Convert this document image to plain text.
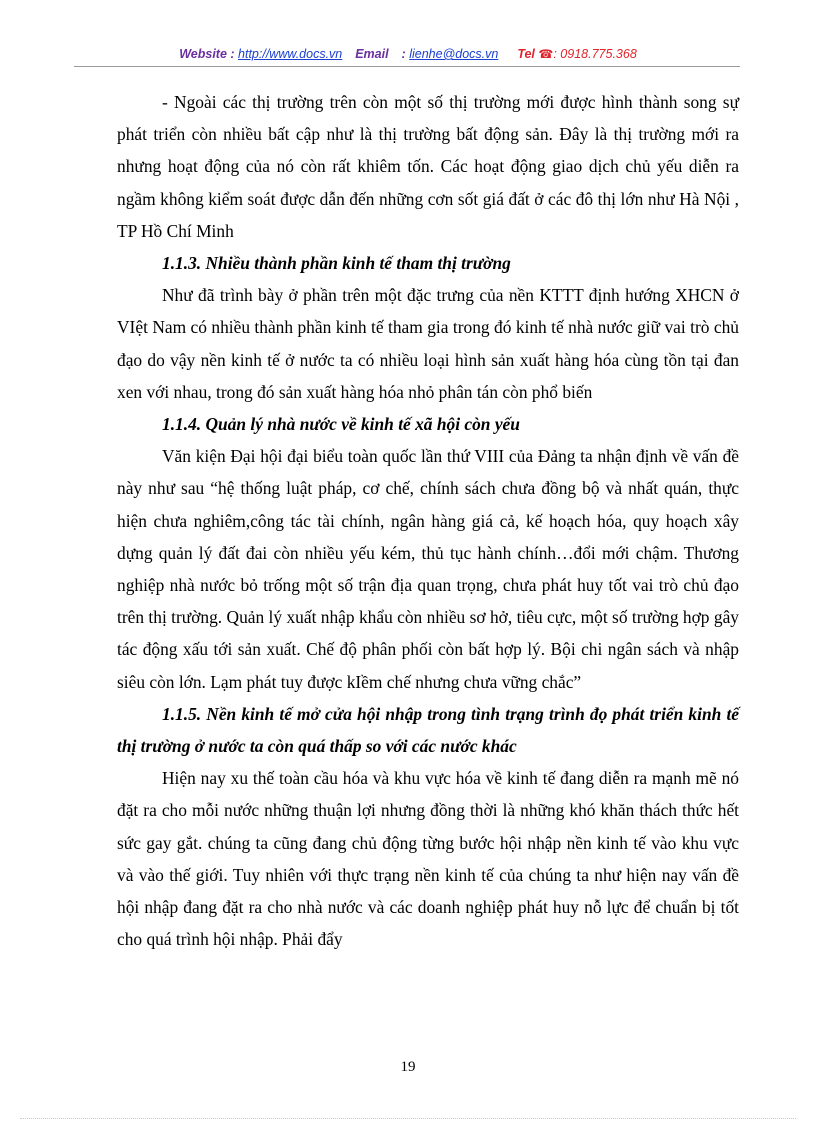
Website : http://www.docs.vn Email : lienhe@docs.vn Tel ☎: 0918.775.368

- Ngoài các thị trường trên còn một số thị trường mới được hình thành song sự phát triển còn nhiều bất cập như là thị trường bất động sản. Đây là thị trường mới ra nhưng hoạt động của nó còn rất khiêm tốn. Các hoạt động giao dịch chủ yếu diễn ra ngầm không kiểm soát được dẫn đến những cơn sốt giá đất ở các đô thị lớn như Hà Nội , TP Hồ Chí Minh

1.1.3. Nhiều thành phần kinh tế tham thị trường

Như đã trình bày ở phần trên một đặc trưng của nền KTTT định hướng XHCN ở VIệt Nam có nhiều thành phần kinh tế tham gia trong đó kinh tế nhà nước giữ vai trò chủ đạo do vậy nền kinh tế ở nước ta có nhiều loại hình sản xuất hàng hóa cùng tồn tại đan xen với nhau, trong đó sản xuất hàng hóa nhỏ phân tán còn phổ biến

1.1.4. Quản lý nhà nước về kinh tế xã hội còn yếu

Văn kiện Đại hội đại biểu toàn quốc lần thứ VIII của Đảng ta nhận định về vấn đề này như sau “hệ thống luật pháp, cơ chế, chính sách chưa đồng bộ và nhất quán, thực hiện chưa nghiêm,công tác tài chính, ngân hàng giá cả, kế hoạch hóa, quy hoạch xây dựng quản lý đất đai còn nhiều yếu kém, thủ tục hành chính…đổi mới chậm. Thương nghiệp nhà nước bỏ trống một số trận địa quan trọng, chưa phát huy tốt vai trò chủ đạo trên thị trường. Quản lý xuất nhập khẩu còn nhiều sơ hở, tiêu cực, một số trường hợp gây tác động xấu tới sản xuất. Chế độ phân phối còn bất hợp lý. Bội chi ngân sách và nhập siêu còn lớn. Lạm phát tuy được kIềm chế nhưng chưa vững chắc”

1.1.5. Nền kinh tế mở cửa hội nhập trong tình trạng trình đọ phát triển kinh tế thị trường ở nước ta còn quá thấp so với các nước khác

Hiện nay xu thế toàn cầu hóa và khu vực hóa về kinh tế đang diễn ra mạnh mẽ nó đặt ra cho mỗi nước những thuận lợi nhưng đồng thời là những khó khăn thách thức hết sức gay gắt. chúng ta cũng đang chủ động từng bước hội nhập nền kinh tế vào khu vực và vào thế giới. Tuy nhiên với thực trạng nền kinh tế của chúng ta như hiện nay vấn đề hội nhập đang đặt ra cho nhà nước và các doanh nghiệp phát huy nỗ lực để chuẩn bị tốt cho quá trình hội nhập. Phải đẩy

19
